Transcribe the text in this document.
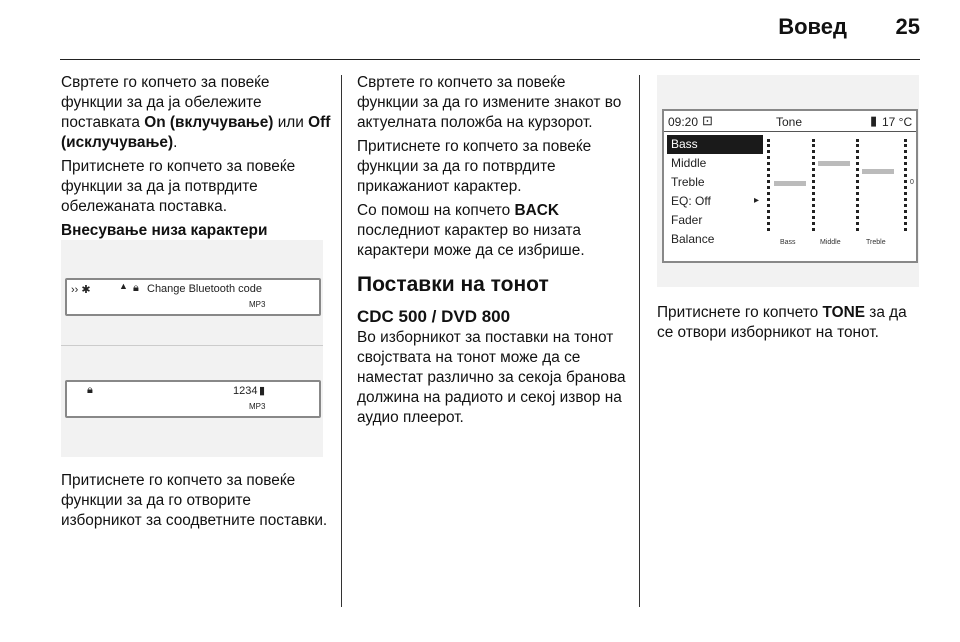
Вовед 25

Свртете го копчето за повеќе функции за да ја обележите поставката On (вклучување) или Off (исклучување).

Притиснете го копчето за повеќе функции за да ја потврдите обележаната поставка.

Внесување низа карактери

›› ✱	▲ 🔒︎ Change Bluetooth code
MP3
🔒︎	1234 ▮
MP3

Притиснете го копчето за повеќе функции за да го отворите изборникот за соодветните поставки.

Свртете го копчето за повеќе функции за да го измените знакот во актуелната положба на курзорот.

Притиснете го копчето за повеќе функции за да го потврдите прикажаниот карактер.

Со помош на копчето BACK последниот карактер во низата карактери може да се избрише.

Поставки на тонот
CDC 500 / DVD 800

Во изборникот за поставки на тонот својствата на тонот може да се наместат различно за секоја бранова должина на радиото и секој извор на аудио плеерот.

09:20 ⊡	Tone	▮ 17 °C
Bass
Middle
Treble
EQ: Off
Fader
Balance
▸
0
Bass	Middle	Treble

Притиснете го копчето TONE за да се отвори изборникот на тонот.
